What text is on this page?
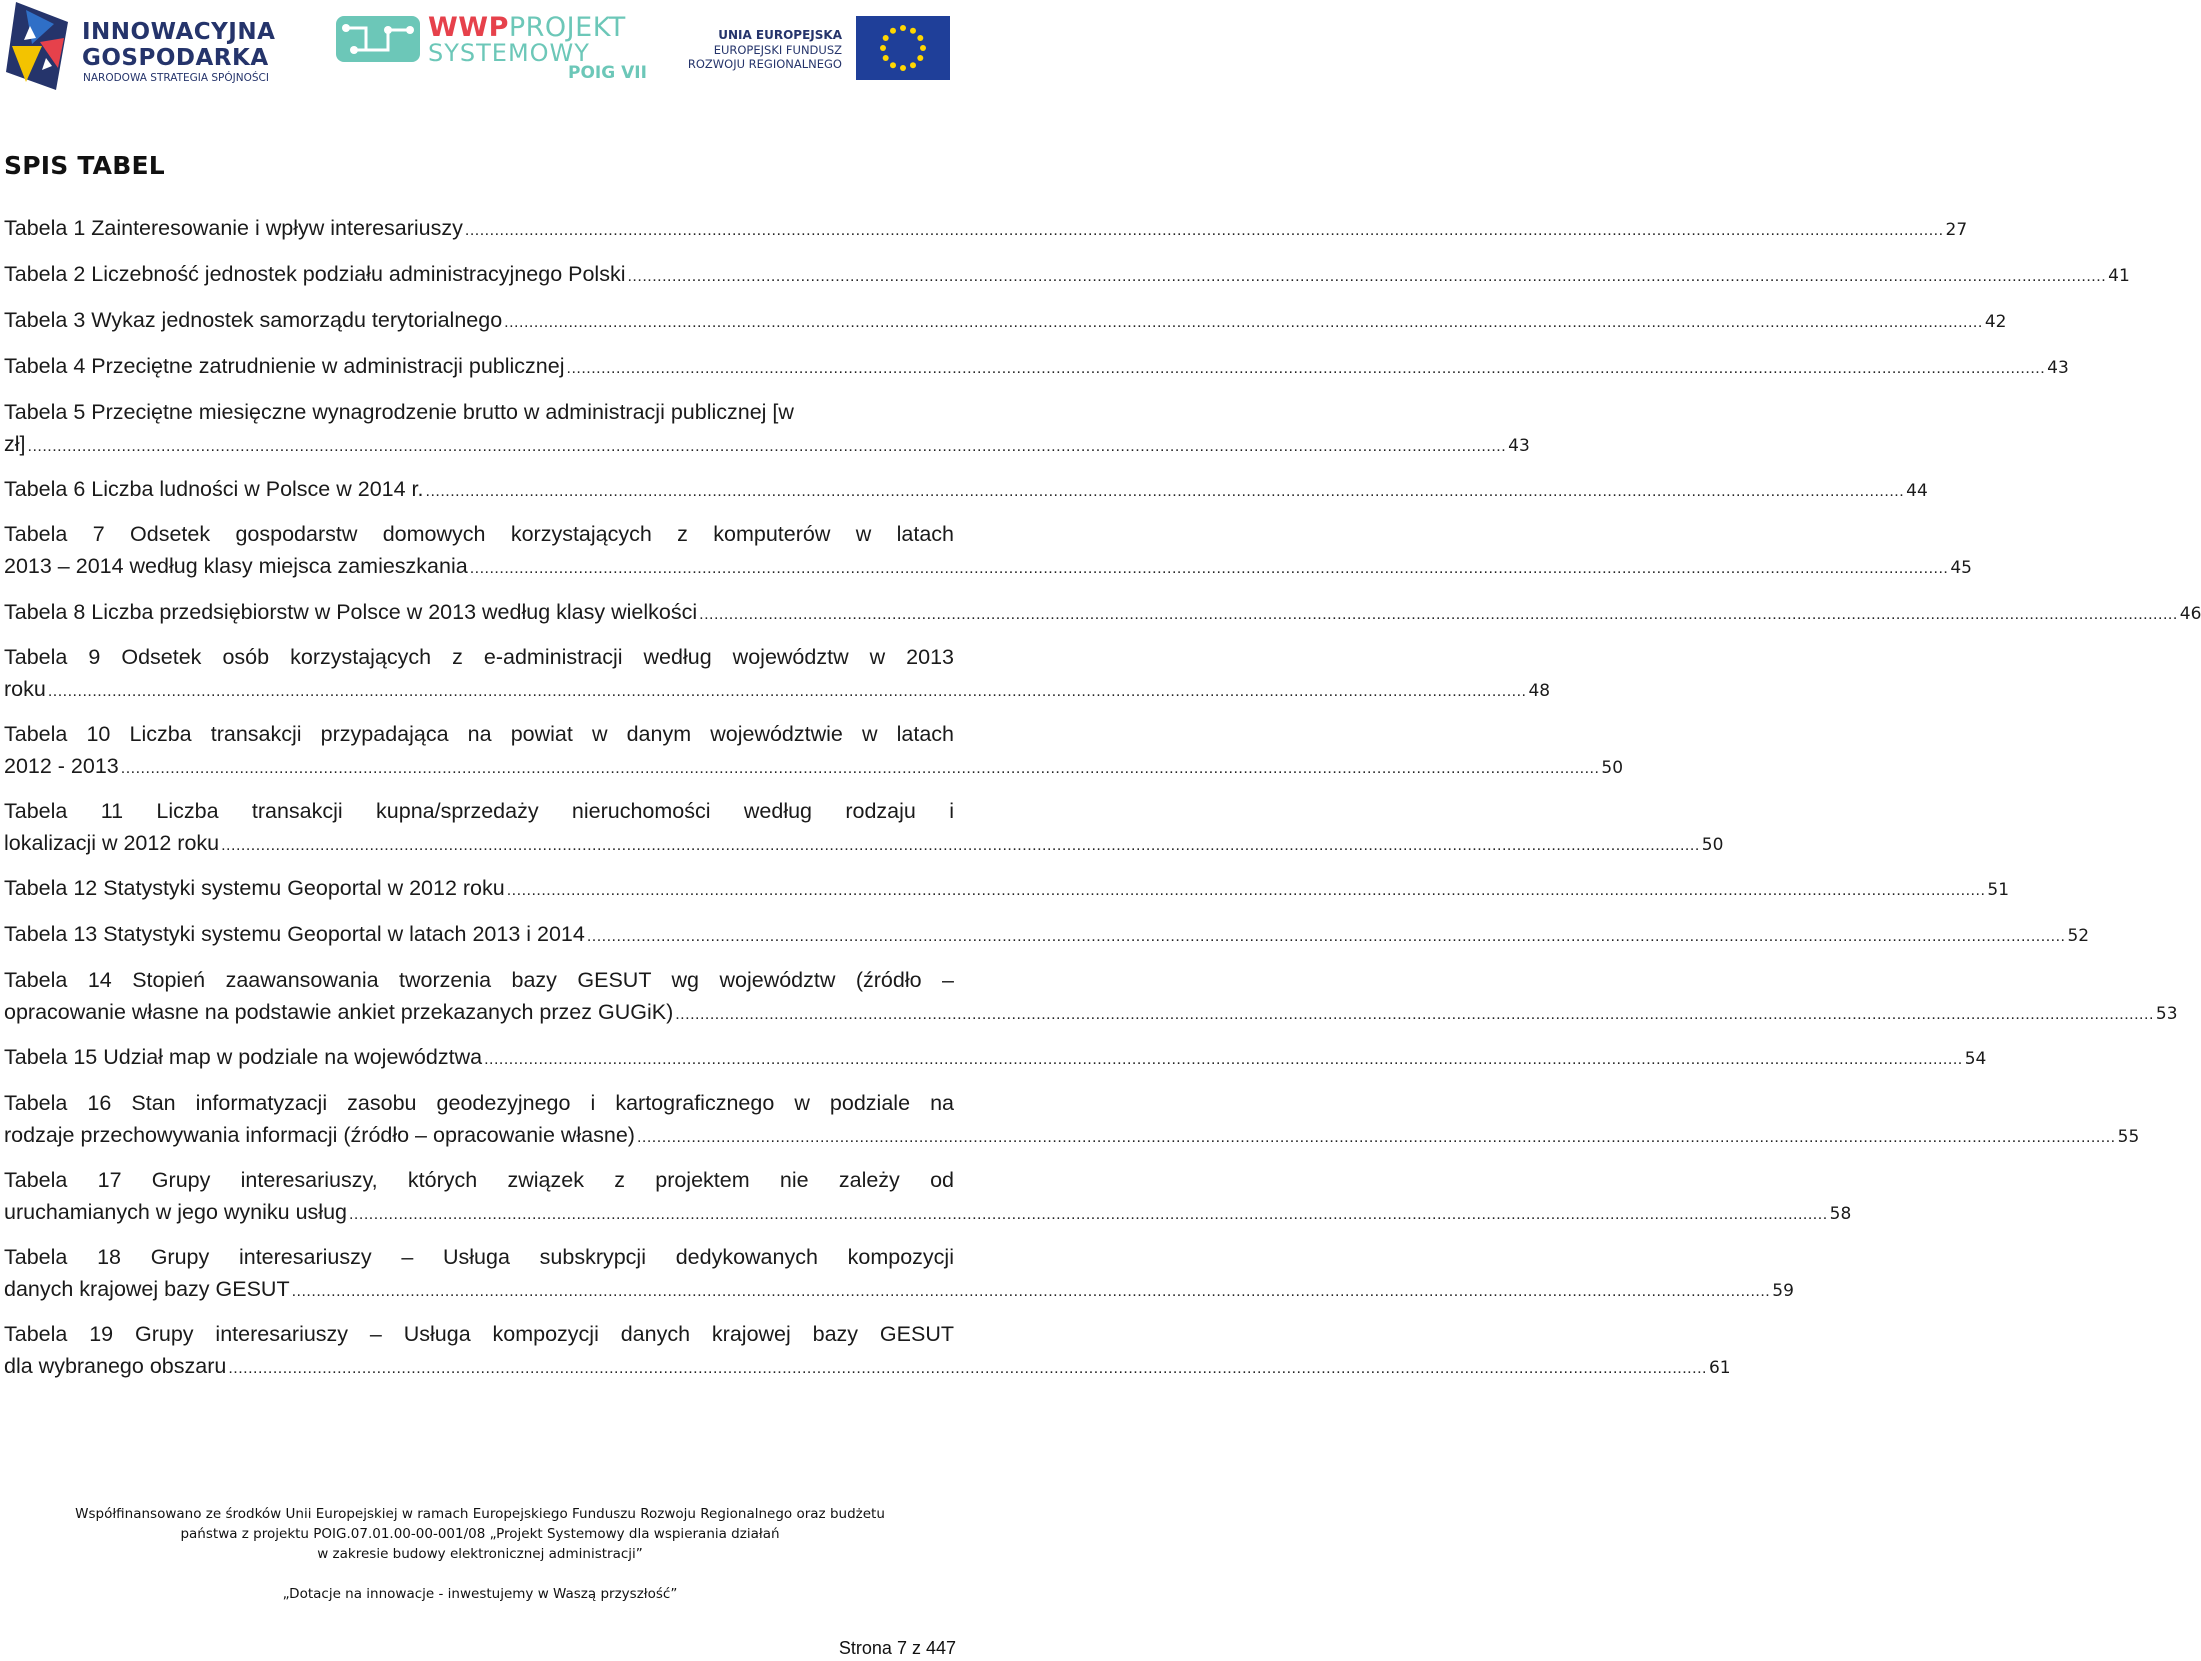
INNOWACYJNA
GOSPODARKA
NARODOWA STRATEGIA SPÓJNOŚCI
WWPPROJEKT
SYSTEMOWY
POIG VII
UNIA EUROPEJSKA
EUROPEJSKI FUNDUSZ
ROZWOJU REGIONALNEGO
SPIS TABEL
Tabela 1 Zainteresowanie i wpływ interesariuszy .....	27
Tabela 2 Liczebność jednostek podziału administracyjnego Polski .....	41
Tabela 3 Wykaz jednostek samorządu terytorialnego .....	42
Tabela 4 Przeciętne zatrudnienie w administracji publicznej .....	43
Tabela 5 Przeciętne miesięczne wynagrodzenie brutto w administracji publicznej [w
zł] .....	43
Tabela 6 Liczba ludności w Polsce w 2014 r. .....	44
Tabela 7 Odsetek gospodarstw domowych korzystających z komputerów w latach
2013 – 2014 według klasy miejsca zamieszkania .....	45
Tabela 8 Liczba przedsiębiorstw w Polsce w 2013 według klasy wielkości .....	46
Tabela 9 Odsetek osób korzystających z e-administracji według województw w 2013
roku .....	48
Tabela 10 Liczba transakcji przypadająca na powiat w danym województwie w latach
2012 - 2013 .....	50
Tabela 11 Liczba transakcji kupna/sprzedaży nieruchomości według rodzaju i
lokalizacji w 2012 roku .....	50
Tabela 12 Statystyki systemu Geoportal w 2012 roku .....	51
Tabela 13 Statystyki systemu Geoportal w latach 2013 i 2014 .....	52
Tabela 14 Stopień zaawansowania tworzenia bazy GESUT wg województw (źródło –
opracowanie własne na podstawie ankiet przekazanych przez GUGiK) .....	53
Tabela 15 Udział map w podziale na województwa .....	54
Tabela 16 Stan informatyzacji zasobu geodezyjnego i kartograficznego w podziale na
rodzaje przechowywania informacji (źródło – opracowanie własne) .....	55
Tabela 17 Grupy interesariuszy, których związek z projektem nie zależy od
uruchamianych w jego wyniku usług .....	58
Tabela 18 Grupy interesariuszy – Usługa subskrypcji dedykowanych kompozycji
danych krajowej bazy GESUT .....	59
Tabela 19 Grupy interesariuszy – Usługa kompozycji danych krajowej bazy GESUT
dla wybranego obszaru .....	61
Współfinansowano ze środków Unii Europejskiej w ramach Europejskiego Funduszu Rozwoju Regionalnego oraz budżetu
państwa z projektu POIG.07.01.00-00-001/08 „Projekt Systemowy dla wspierania działań
w zakresie budowy elektronicznej administracji”
„Dotacje na innowacje - inwestujemy w Waszą przyszłość”
Strona 7 z 447
